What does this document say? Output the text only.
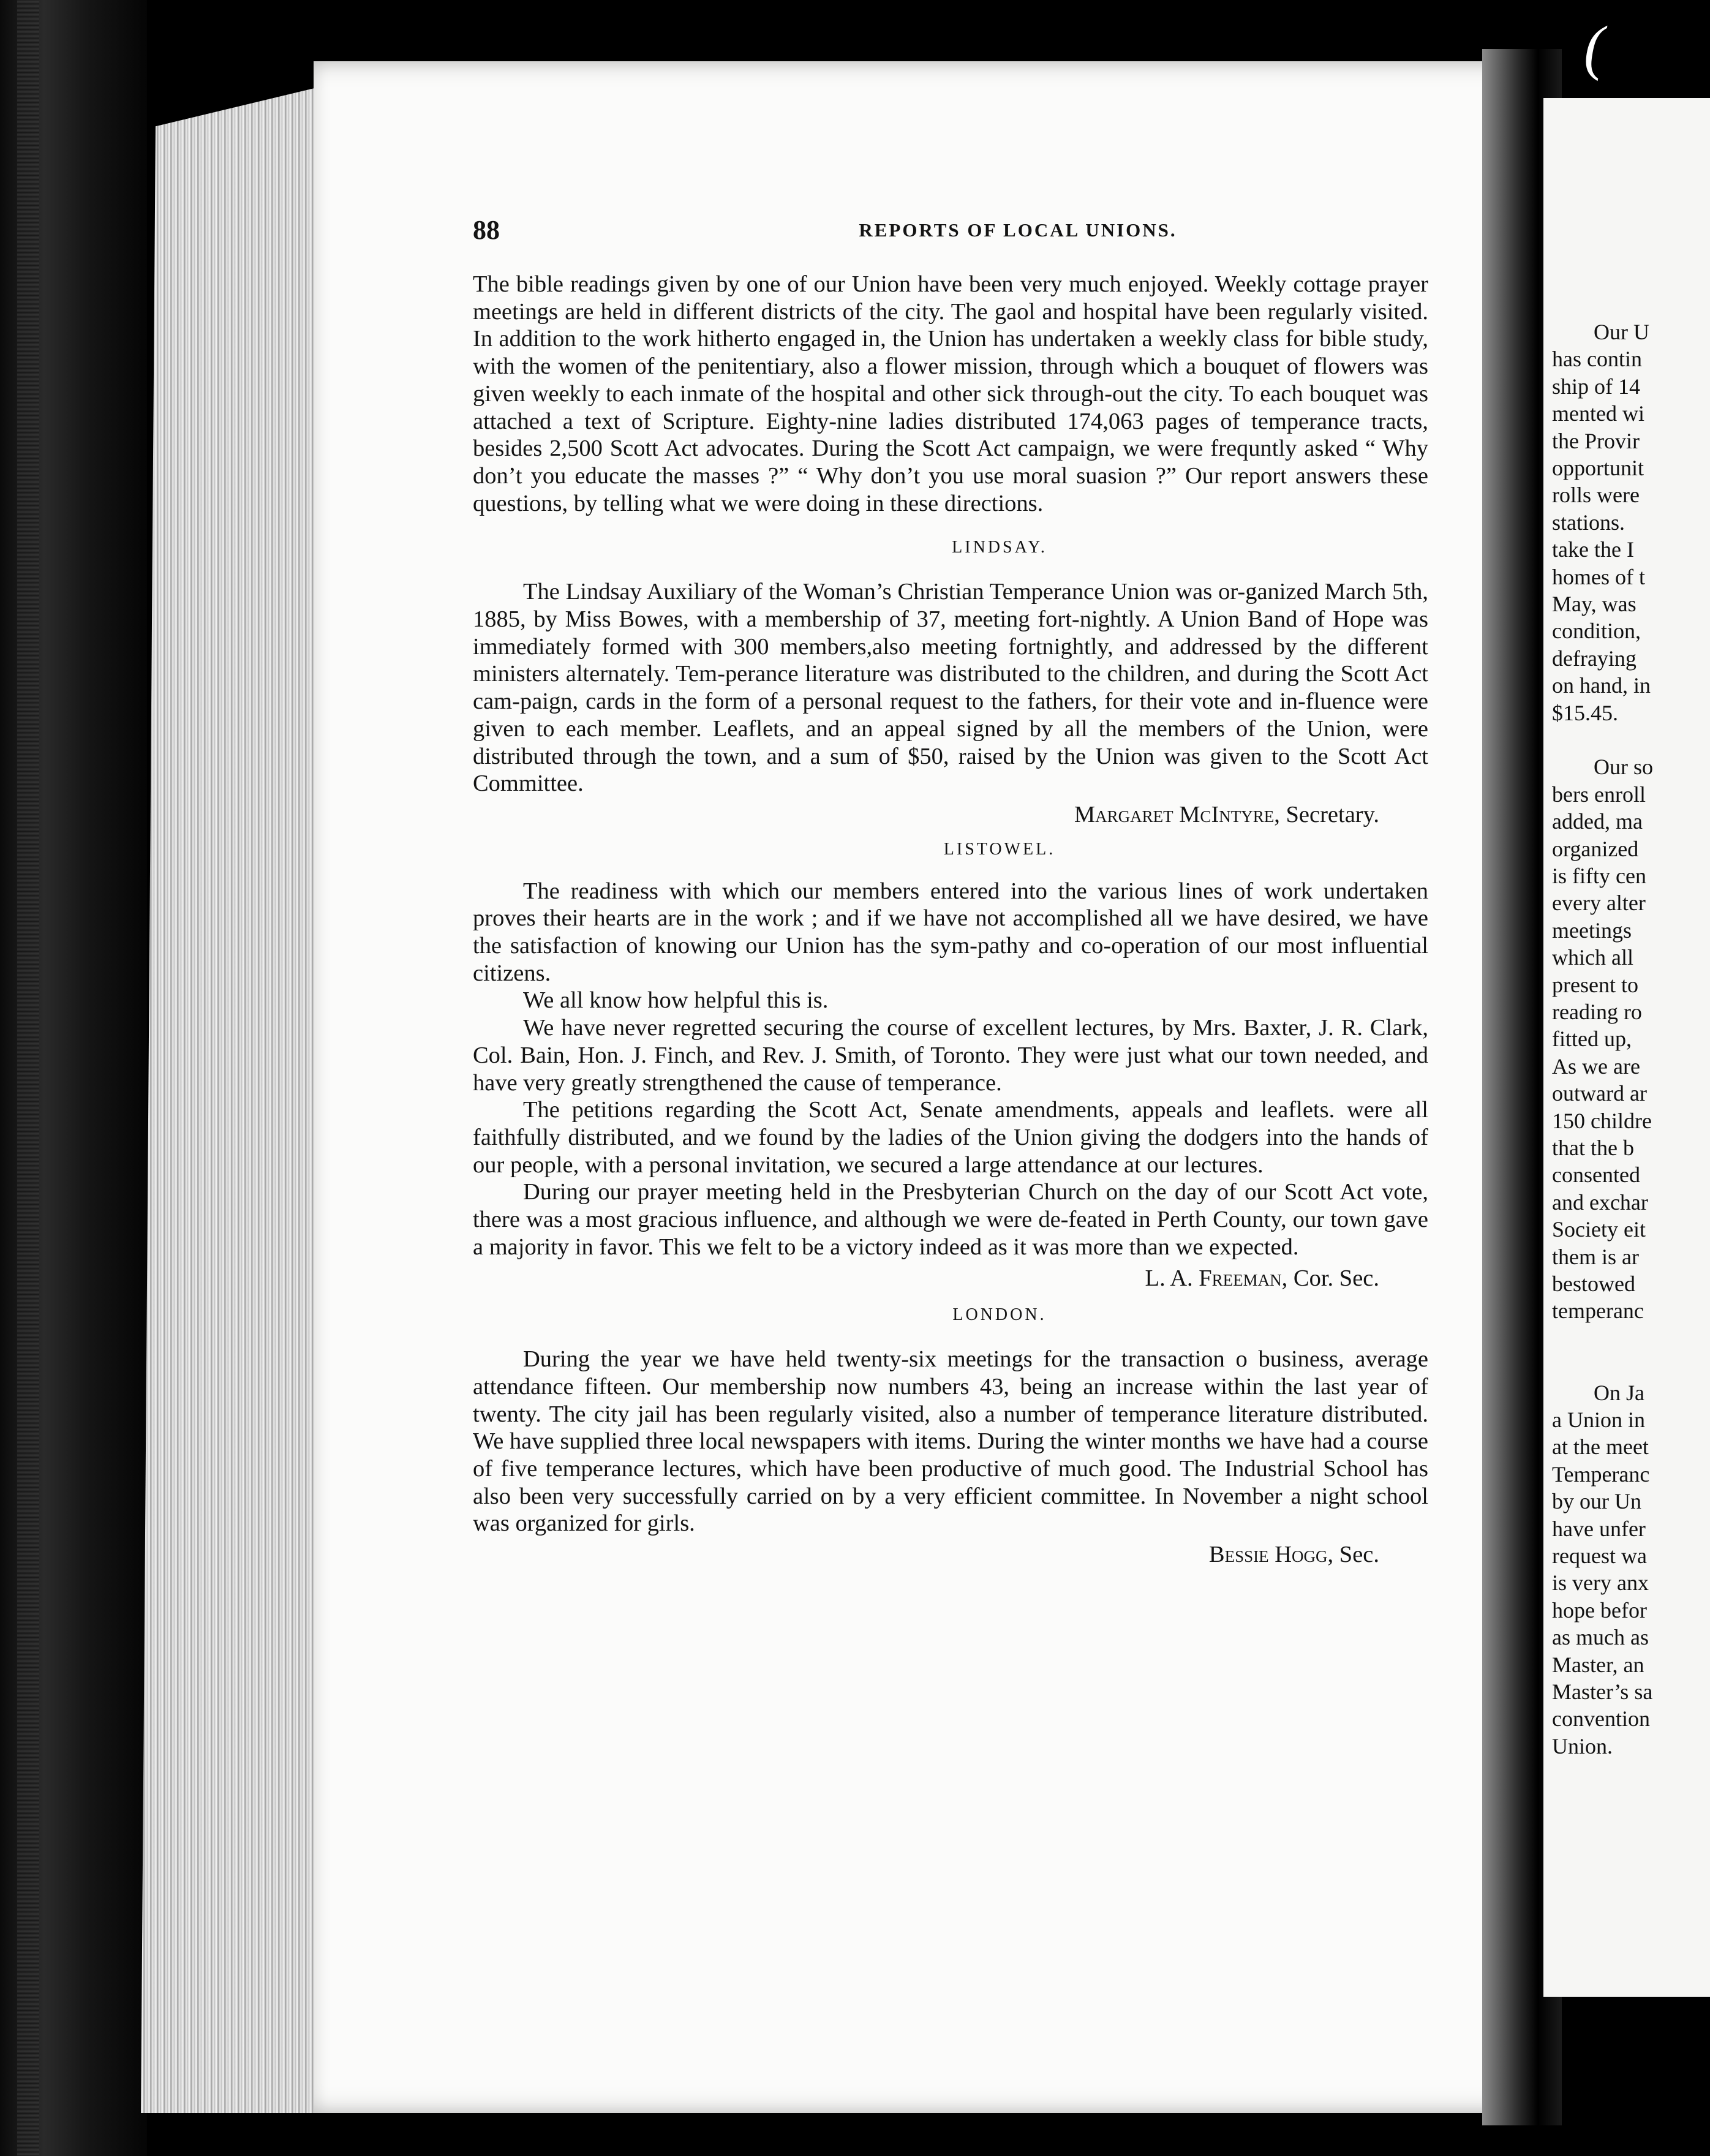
88	REPORTS OF LOCAL UNIONS.

The bible readings given by one of our Union have been very much enjoyed. Weekly cottage prayer meetings are held in different districts of the city. The gaol and hospital have been regularly visited. In addition to the work hitherto engaged in, the Union has undertaken a weekly class for bible study, with the women of the penitentiary, also a flower mission, through which a bouquet of flowers was given weekly to each inmate of the hospital and other sick through-out the city. To each bouquet was attached a text of Scripture. Eighty-nine ladies distributed 174,063 pages of temperance tracts, besides 2,500 Scott Act advocates. During the Scott Act campaign, we were frequntly asked “ Why don’t you educate the masses ?” “ Why don’t you use moral suasion ?” Our report answers these questions, by telling what we were doing in these directions.

LINDSAY.

The Lindsay Auxiliary of the Woman’s Christian Temperance Union was or-ganized March 5th, 1885, by Miss Bowes, with a membership of 37, meeting fort-nightly. A Union Band of Hope was immediately formed with 300 members,also meeting fortnightly, and addressed by the different ministers alternately. Tem-perance literature was distributed to the children, and during the Scott Act cam-paign, cards in the form of a personal request to the fathers, for their vote and in-fluence were given to each member. Leaflets, and an appeal signed by all the members of the Union, were distributed through the town, and a sum of $50, raised by the Union was given to the Scott Act Committee.

Margaret McIntyre, Secretary.
LISTOWEL.

The readiness with which our members entered into the various lines of work undertaken proves their hearts are in the work ; and if we have not accomplished all we have desired, we have the satisfaction of knowing our Union has the sym-pathy and co-operation of our most influential citizens.

We all know how helpful this is.

We have never regretted securing the course of excellent lectures, by Mrs. Baxter, J. R. Clark, Col. Bain, Hon. J. Finch, and Rev. J. Smith, of Toronto. They were just what our town needed, and have very greatly strengthened the cause of temperance.

The petitions regarding the Scott Act, Senate amendments, appeals and leaflets. were all faithfully distributed, and we found by the ladies of the Union giving the dodgers into the hands of our people, with a personal invitation, we secured a large attendance at our lectures.

During our prayer meeting held in the Presbyterian Church on the day of our Scott Act vote, there was a most gracious influence, and although we were de-feated in Perth County, our town gave a majority in favor. This we felt to be a victory indeed as it was more than we expected.

L. A. Freeman, Cor. Sec.
LONDON.

During the year we have held twenty-six meetings for the transaction o business, average attendance fifteen. Our membership now numbers 43, being an increase within the last year of twenty. The city jail has been regularly visited, also a number of temperance literature distributed. We have supplied three local newspapers with items. During the winter months we have had a course of five temperance lectures, which have been productive of much good. The Industrial School has also been very successfully carried on by a very efficient committee. In November a night school was organized for girls.

Bessie Hogg, Sec.
Our U
has contin
ship of 14
mented wi
the Provir
opportunit
rolls were
stations.
take the I
homes of t
May, was
condition,
defraying
on hand, in
$15.45.
Our so
bers enroll
added, ma
organized
is fifty cen
every alter
meetings
which all
present to
reading ro
fitted up,
As we are
outward ar
150 childre
that the b
consented
and exchar
Society eit
them is ar
bestowed
temperanc
On Ja
a Union in
at the meet
Temperanc
by our Un
have unfer
request wa
is very anx
hope befor
as much as
Master, an
Master’s sa
convention
Union.
(
